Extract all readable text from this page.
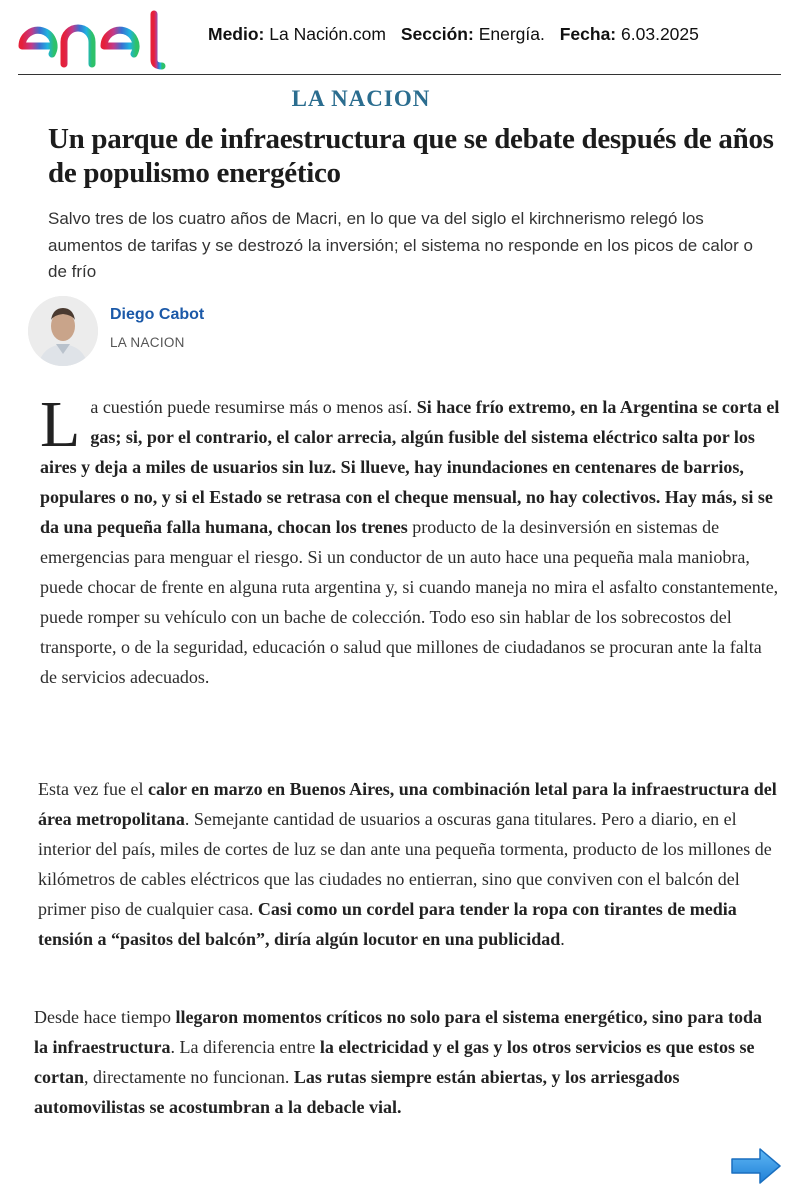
Medio: La Nación.com Sección: Energía. Fecha: 6.03.2025
LA NACION
Un parque de infraestructura que se debate después de años de populismo energético

Salvo tres de los cuatro años de Macri, en lo que va del siglo el kirchnerismo relegó los aumentos de tarifas y se destrozó la inversión; el sistema no responde en los picos de calor o de frío

Diego Cabot
LA NACION

La cuestión puede resumirse más o menos así. Si hace frío extremo, en la Argentina se corta el gas; si, por el contrario, el calor arrecia, algún fusible del sistema eléctrico salta por los aires y deja a miles de usuarios sin luz. Si llueve, hay inundaciones en centenares de barrios, populares o no, y si el Estado se retrasa con el cheque mensual, no hay colectivos. Hay más, si se da una pequeña falla humana, chocan los trenes producto de la desinversión en sistemas de emergencias para menguar el riesgo. Si un conductor de un auto hace una pequeña mala maniobra, puede chocar de frente en alguna ruta argentina y, si cuando maneja no mira el asfalto constantemente, puede romper su vehículo con un bache de colección. Todo eso sin hablar de los sobrecostos del transporte, o de la seguridad, educación o salud que millones de ciudadanos se procuran ante la falta de servicios adecuados.

Esta vez fue el calor en marzo en Buenos Aires, una combinación letal para la infraestructura del área metropolitana. Semejante cantidad de usuarios a oscuras gana titulares. Pero a diario, en el interior del país, miles de cortes de luz se dan ante una pequeña tormenta, producto de los millones de kilómetros de cables eléctricos que las ciudades no entierran, sino que conviven con el balcón del primer piso de cualquier casa. Casi como un cordel para tender la ropa con tirantes de media tensión a “pasitos del balcón”, diría algún locutor en una publicidad.

Desde hace tiempo llegaron momentos críticos no solo para el sistema energético, sino para toda la infraestructura. La diferencia entre la electricidad y el gas y los otros servicios es que estos se cortan, directamente no funcionan. Las rutas siempre están abiertas, y los arriesgados automovilistas se acostumbran a la debacle vial.
